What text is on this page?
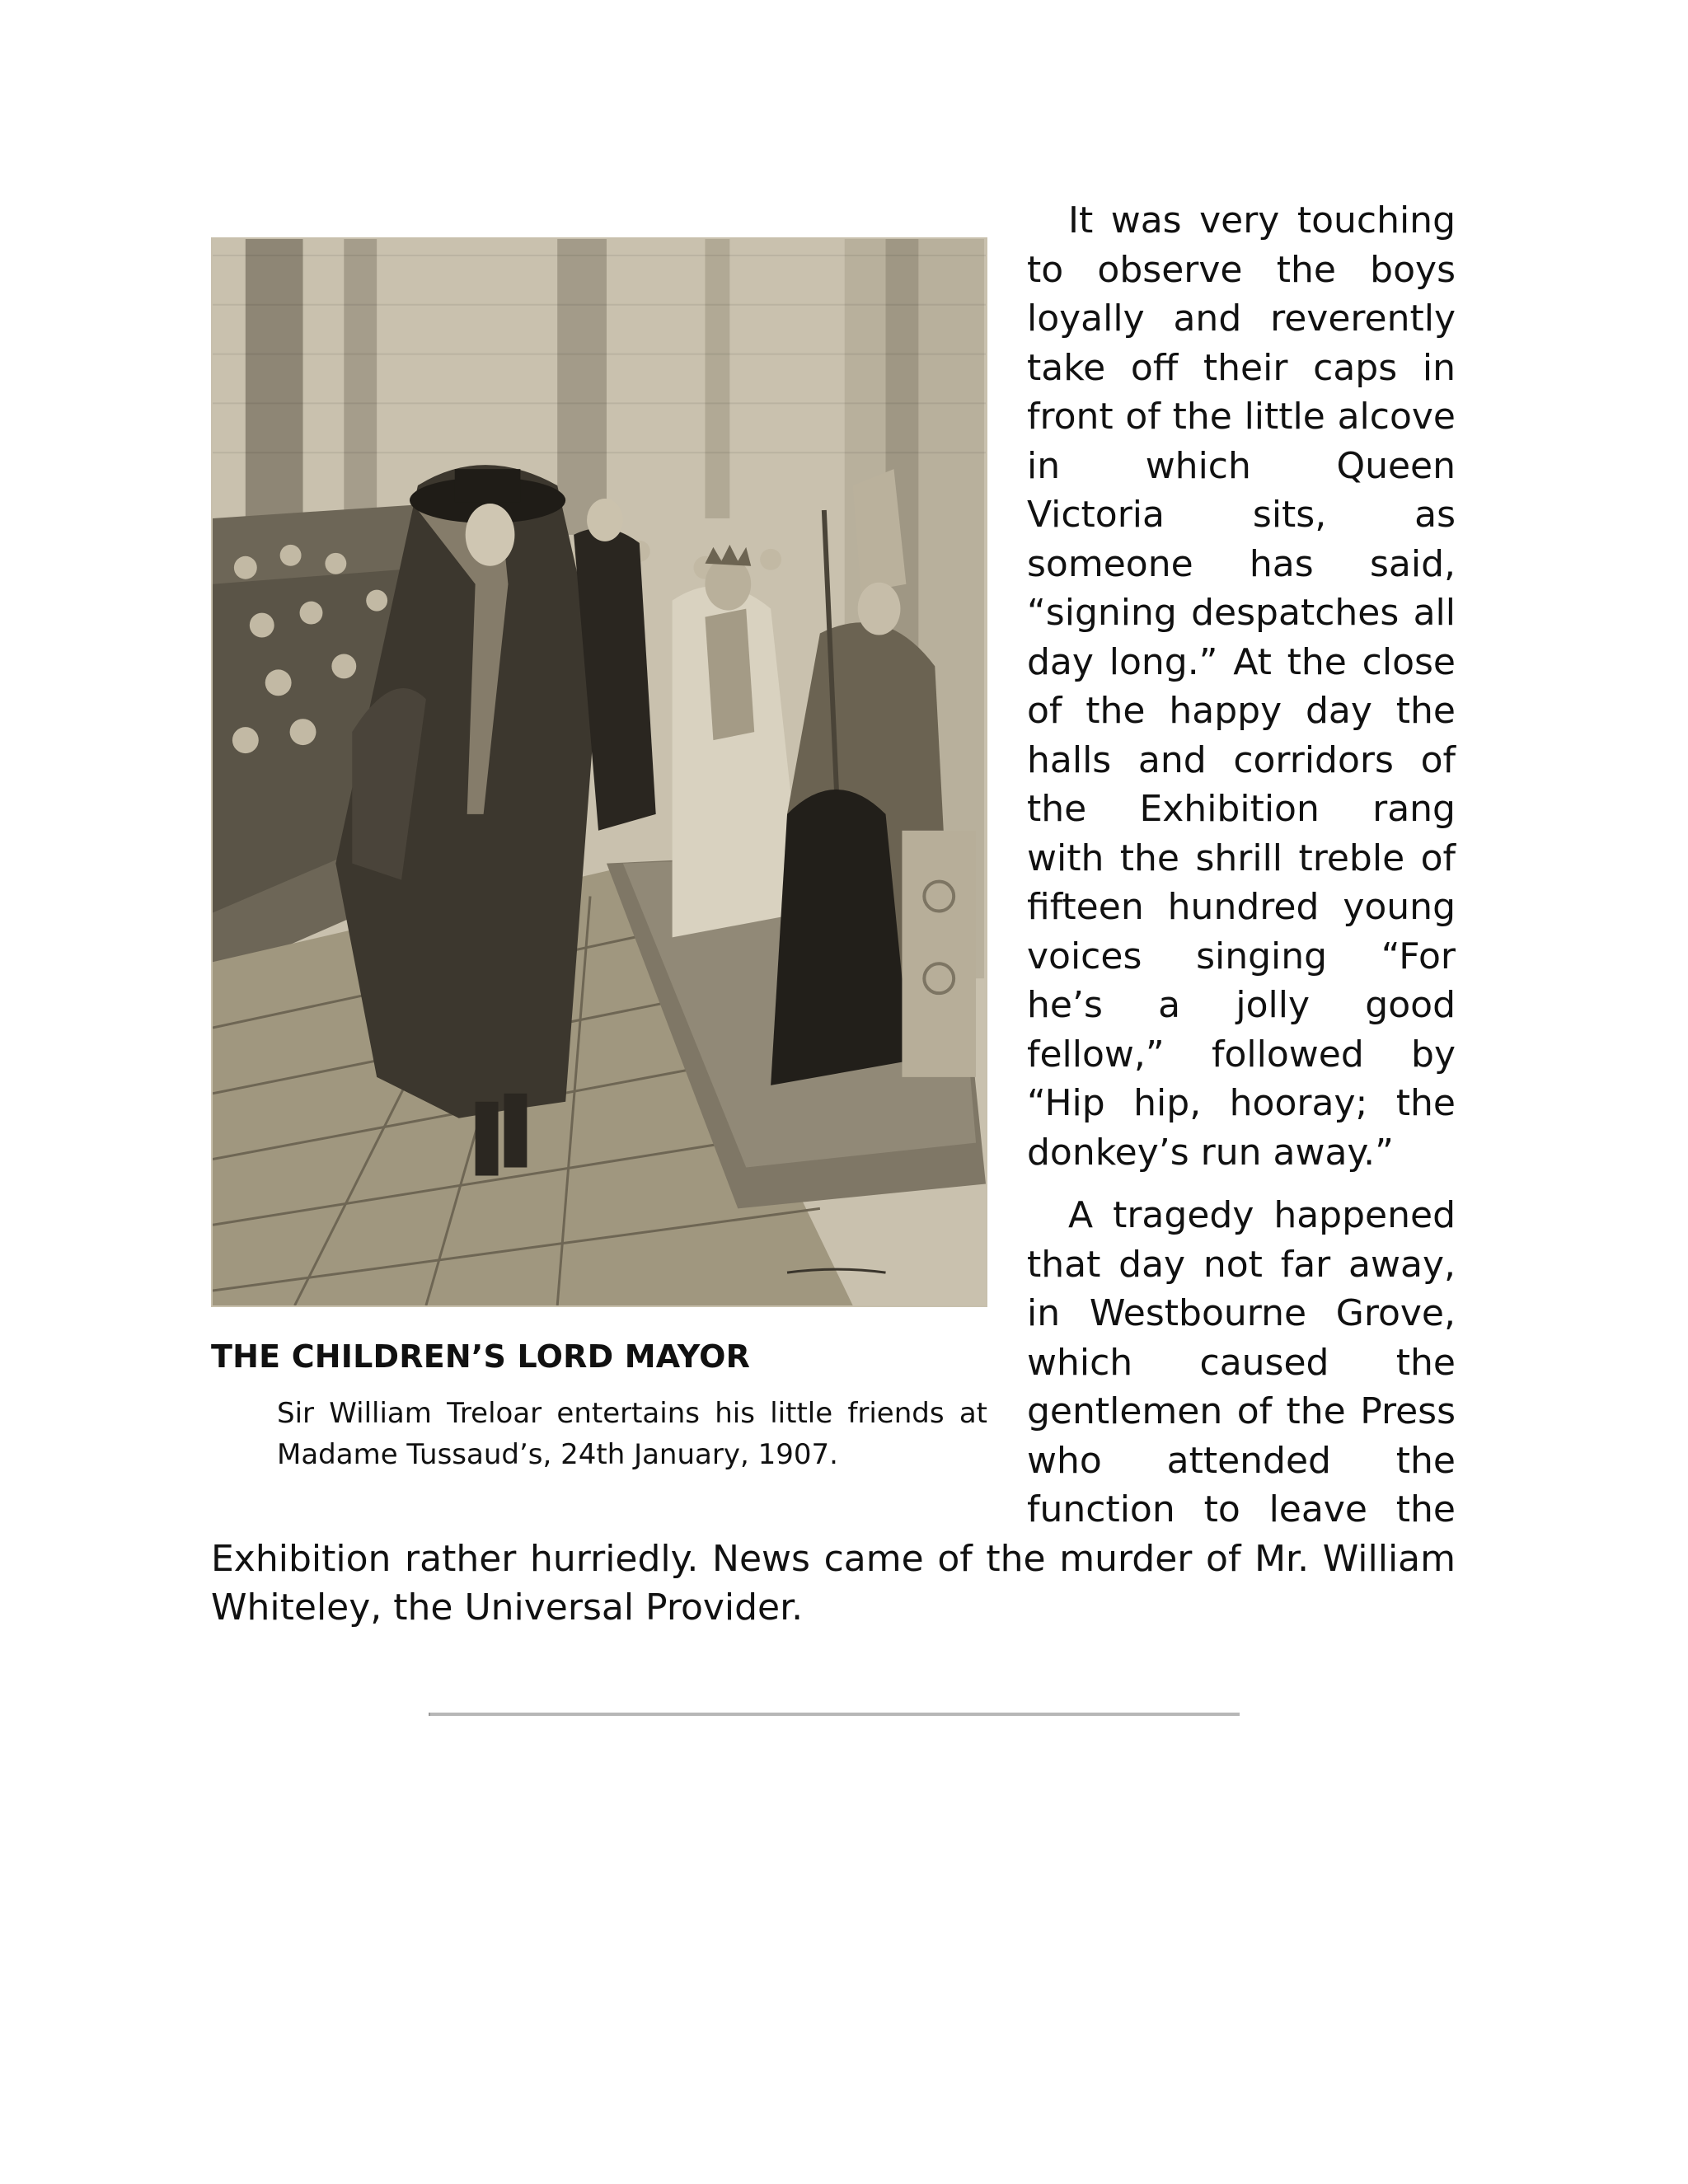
THE CHILDREN’S LORD MAYOR
Sir William Treloar entertains his little friends at Madame Tussaud’s, 24th January, 1907.

It was very touching to observe the boys loyally and reverently take off their caps in front of the little alcove in which Queen Victoria sits, as someone has said, “signing despatches all day long.” At the close of the happy day the halls and corridors of the Exhibition rang with the shrill treble of fifteen hundred young voices singing “For he’s a jolly good fellow,” followed by “Hip hip, hooray; the donkey’s run away.”

A tragedy happened that day not far away, in Westbourne Grove, which caused the gentlemen of the Press who attended the function to leave the Exhibition rather hurriedly. News came of the murder of Mr. William Whiteley, the Universal Provider.
